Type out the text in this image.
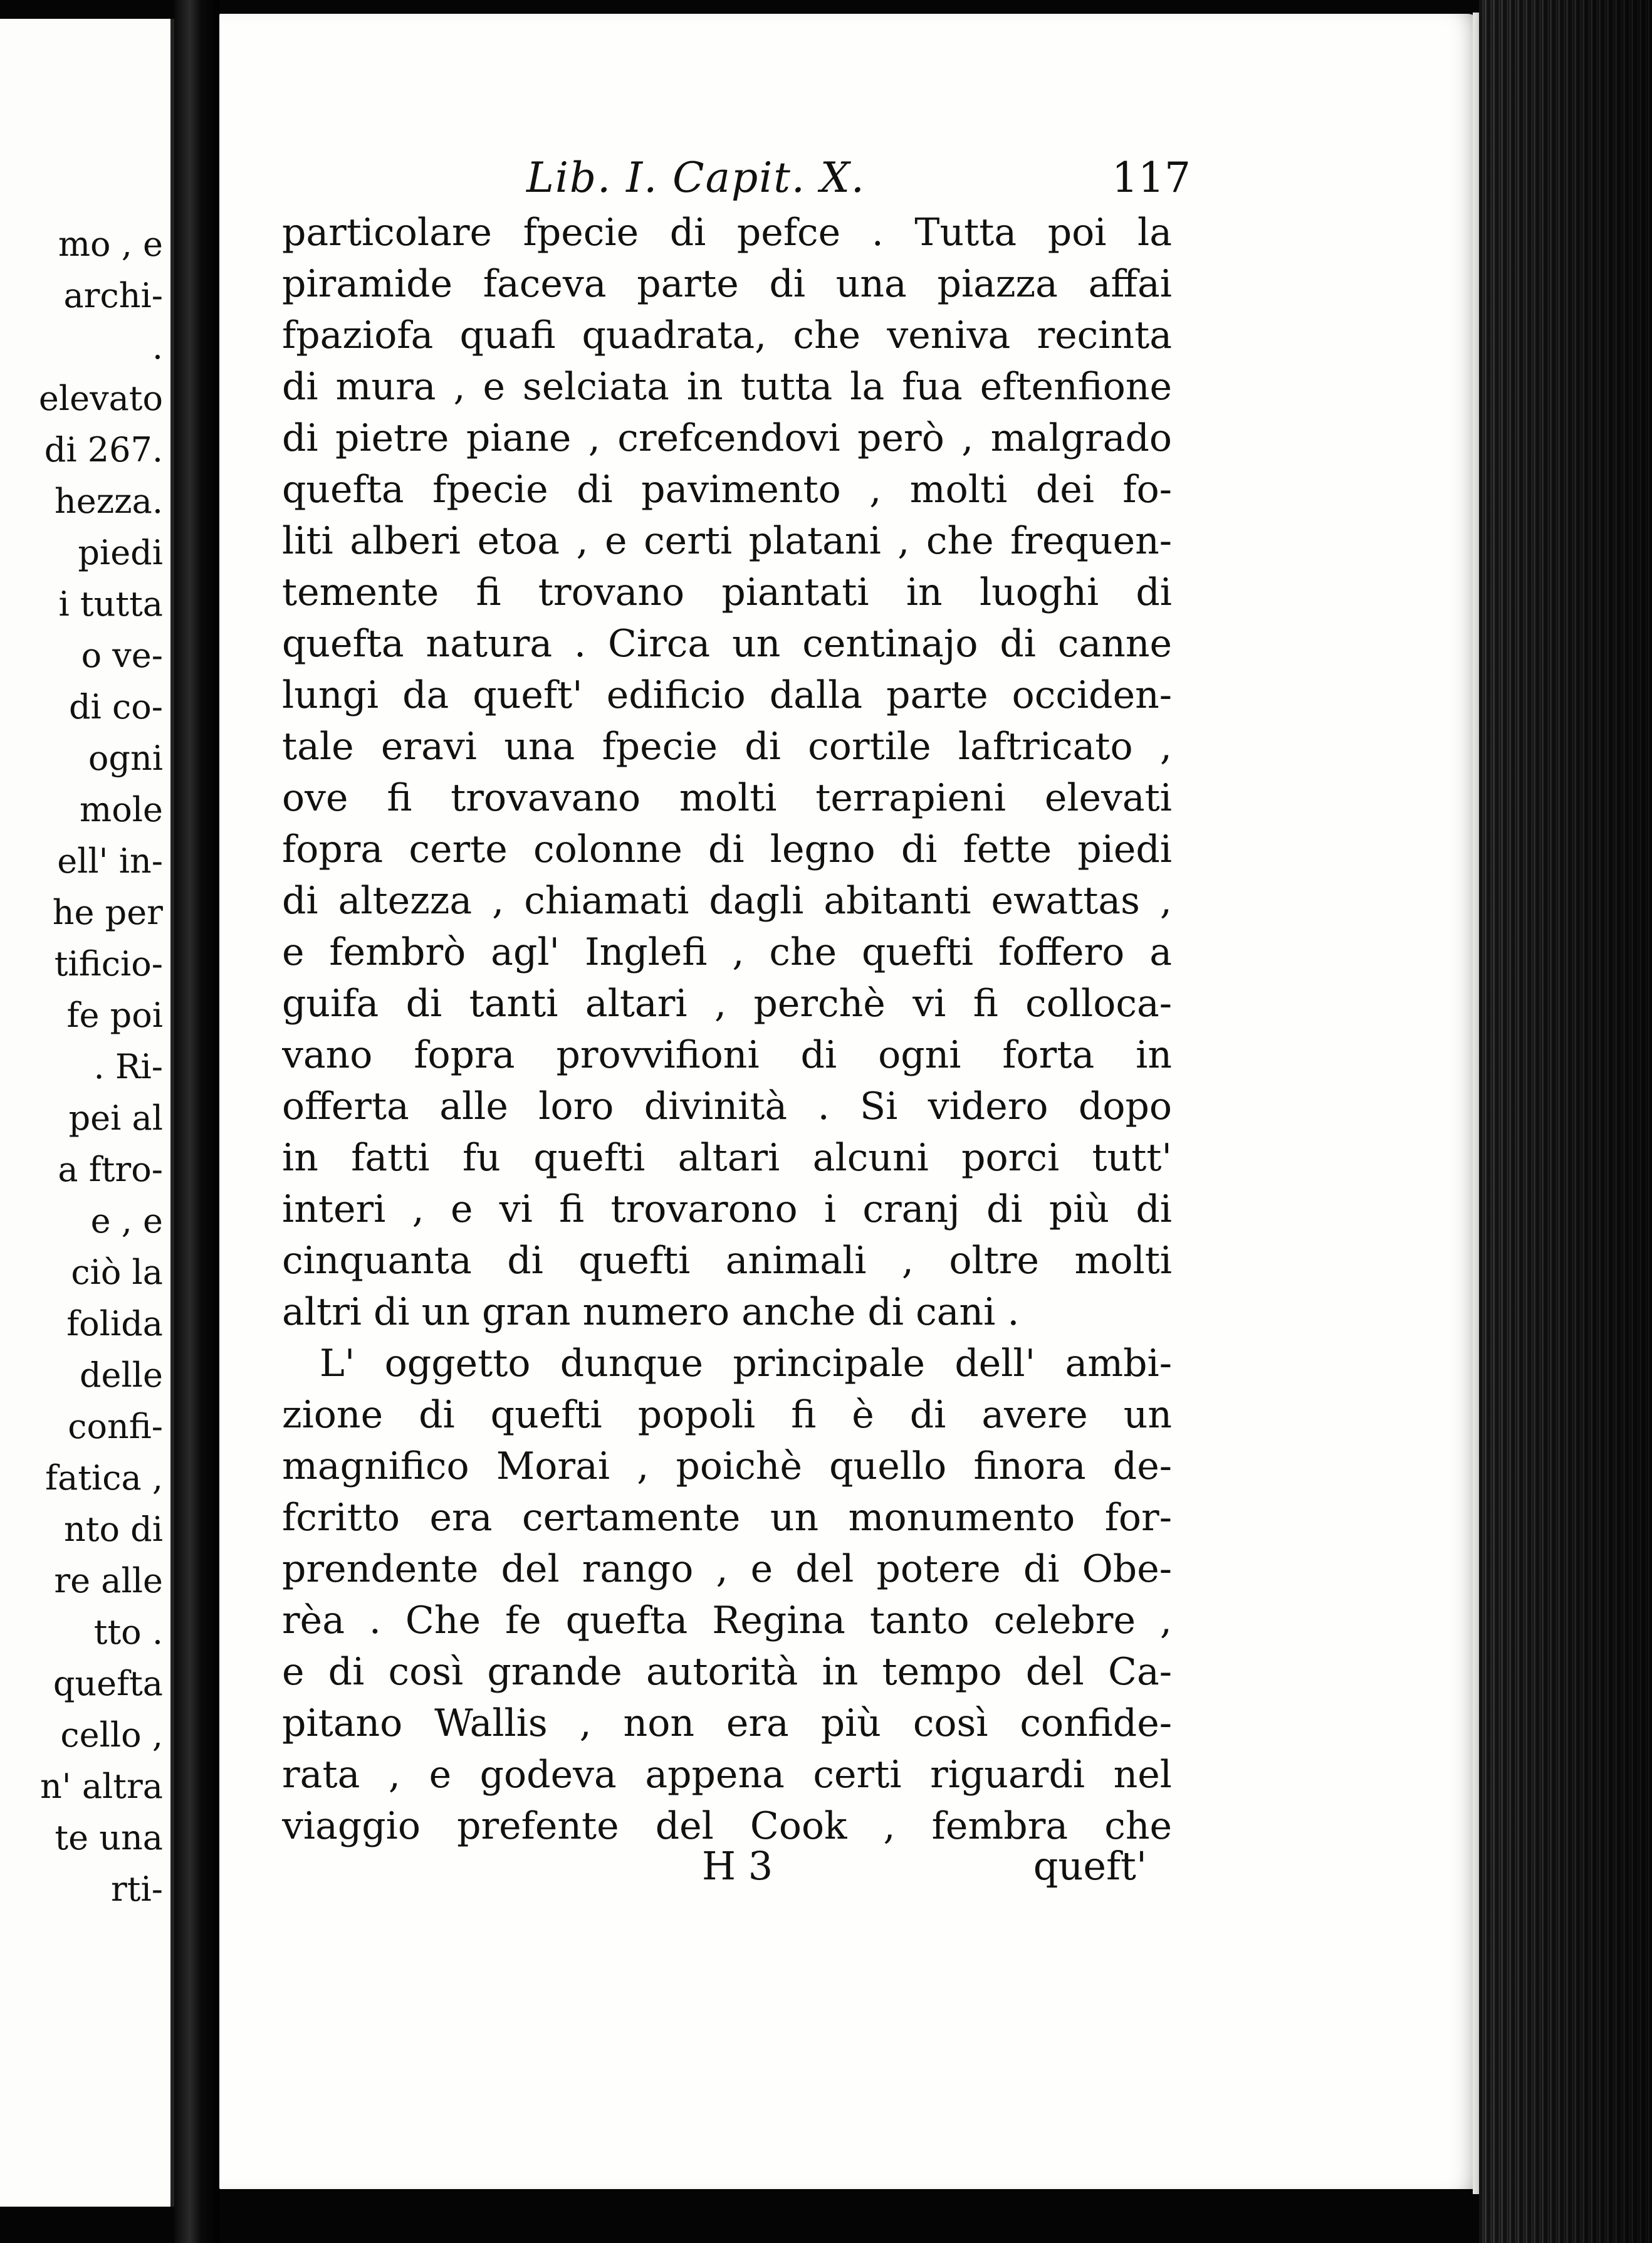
mo , e
archi-
.
elevato
di 267.
hezza.
piedi
i tutta
o ve-
di co-
ogni
mole
ell' in-
he per
tificio-
fe poi
. Ri-
pei al
a ftro-
e , e
ciò la
folida
delle
confi-
fatica ,
nto di
re alle
tto .
quefta
cello ,
n' altra
te una
rti-
Lib. I. Capit. X.	117
particolare fpecie di pefce . Tutta poi la
piramide faceva parte di una piazza affai
fpaziofa quafi quadrata, che veniva recinta
di mura , e selciata in tutta la fua eftenfione
di pietre piane , crefcendovi però , malgrado
quefta fpecie di pavimento , molti dei fo-
liti alberi etoa , e certi platani , che frequen-
temente fi trovano piantati in luoghi di
quefta natura . Circa un centinajo di canne
lungi da queft' edificio dalla parte occiden-
tale eravi una fpecie di cortile laftricato ,
ove fi trovavano molti terrapieni elevati
fopra certe colonne di legno di fette piedi
di altezza , chiamati dagli abitanti ewattas ,
e fembrò agl' Inglefi , che quefti foffero a
guifa di tanti altari , perchè vi fi colloca-
vano fopra provvifioni di ogni forta in
offerta alle loro divinità . Si videro dopo
in fatti fu quefti altari alcuni porci tutt'
interi , e vi fi trovarono i cranj di più di
cinquanta di quefti animali , oltre molti
altri di un gran numero anche di cani .
L' oggetto dunque principale dell' ambi-
zione di quefti popoli fi è di avere un
magnifico Morai , poichè quello finora de-
fcritto era certamente un monumento for-
prendente del rango , e del potere di Obe-
rèa . Che fe quefta Regina tanto celebre ,
e di così grande autorità in tempo del Ca-
pitano Wallis , non era più così confide-
rata , e godeva appena certi riguardi nel
viaggio prefente del Cook , fembra che
H 3	queft'
